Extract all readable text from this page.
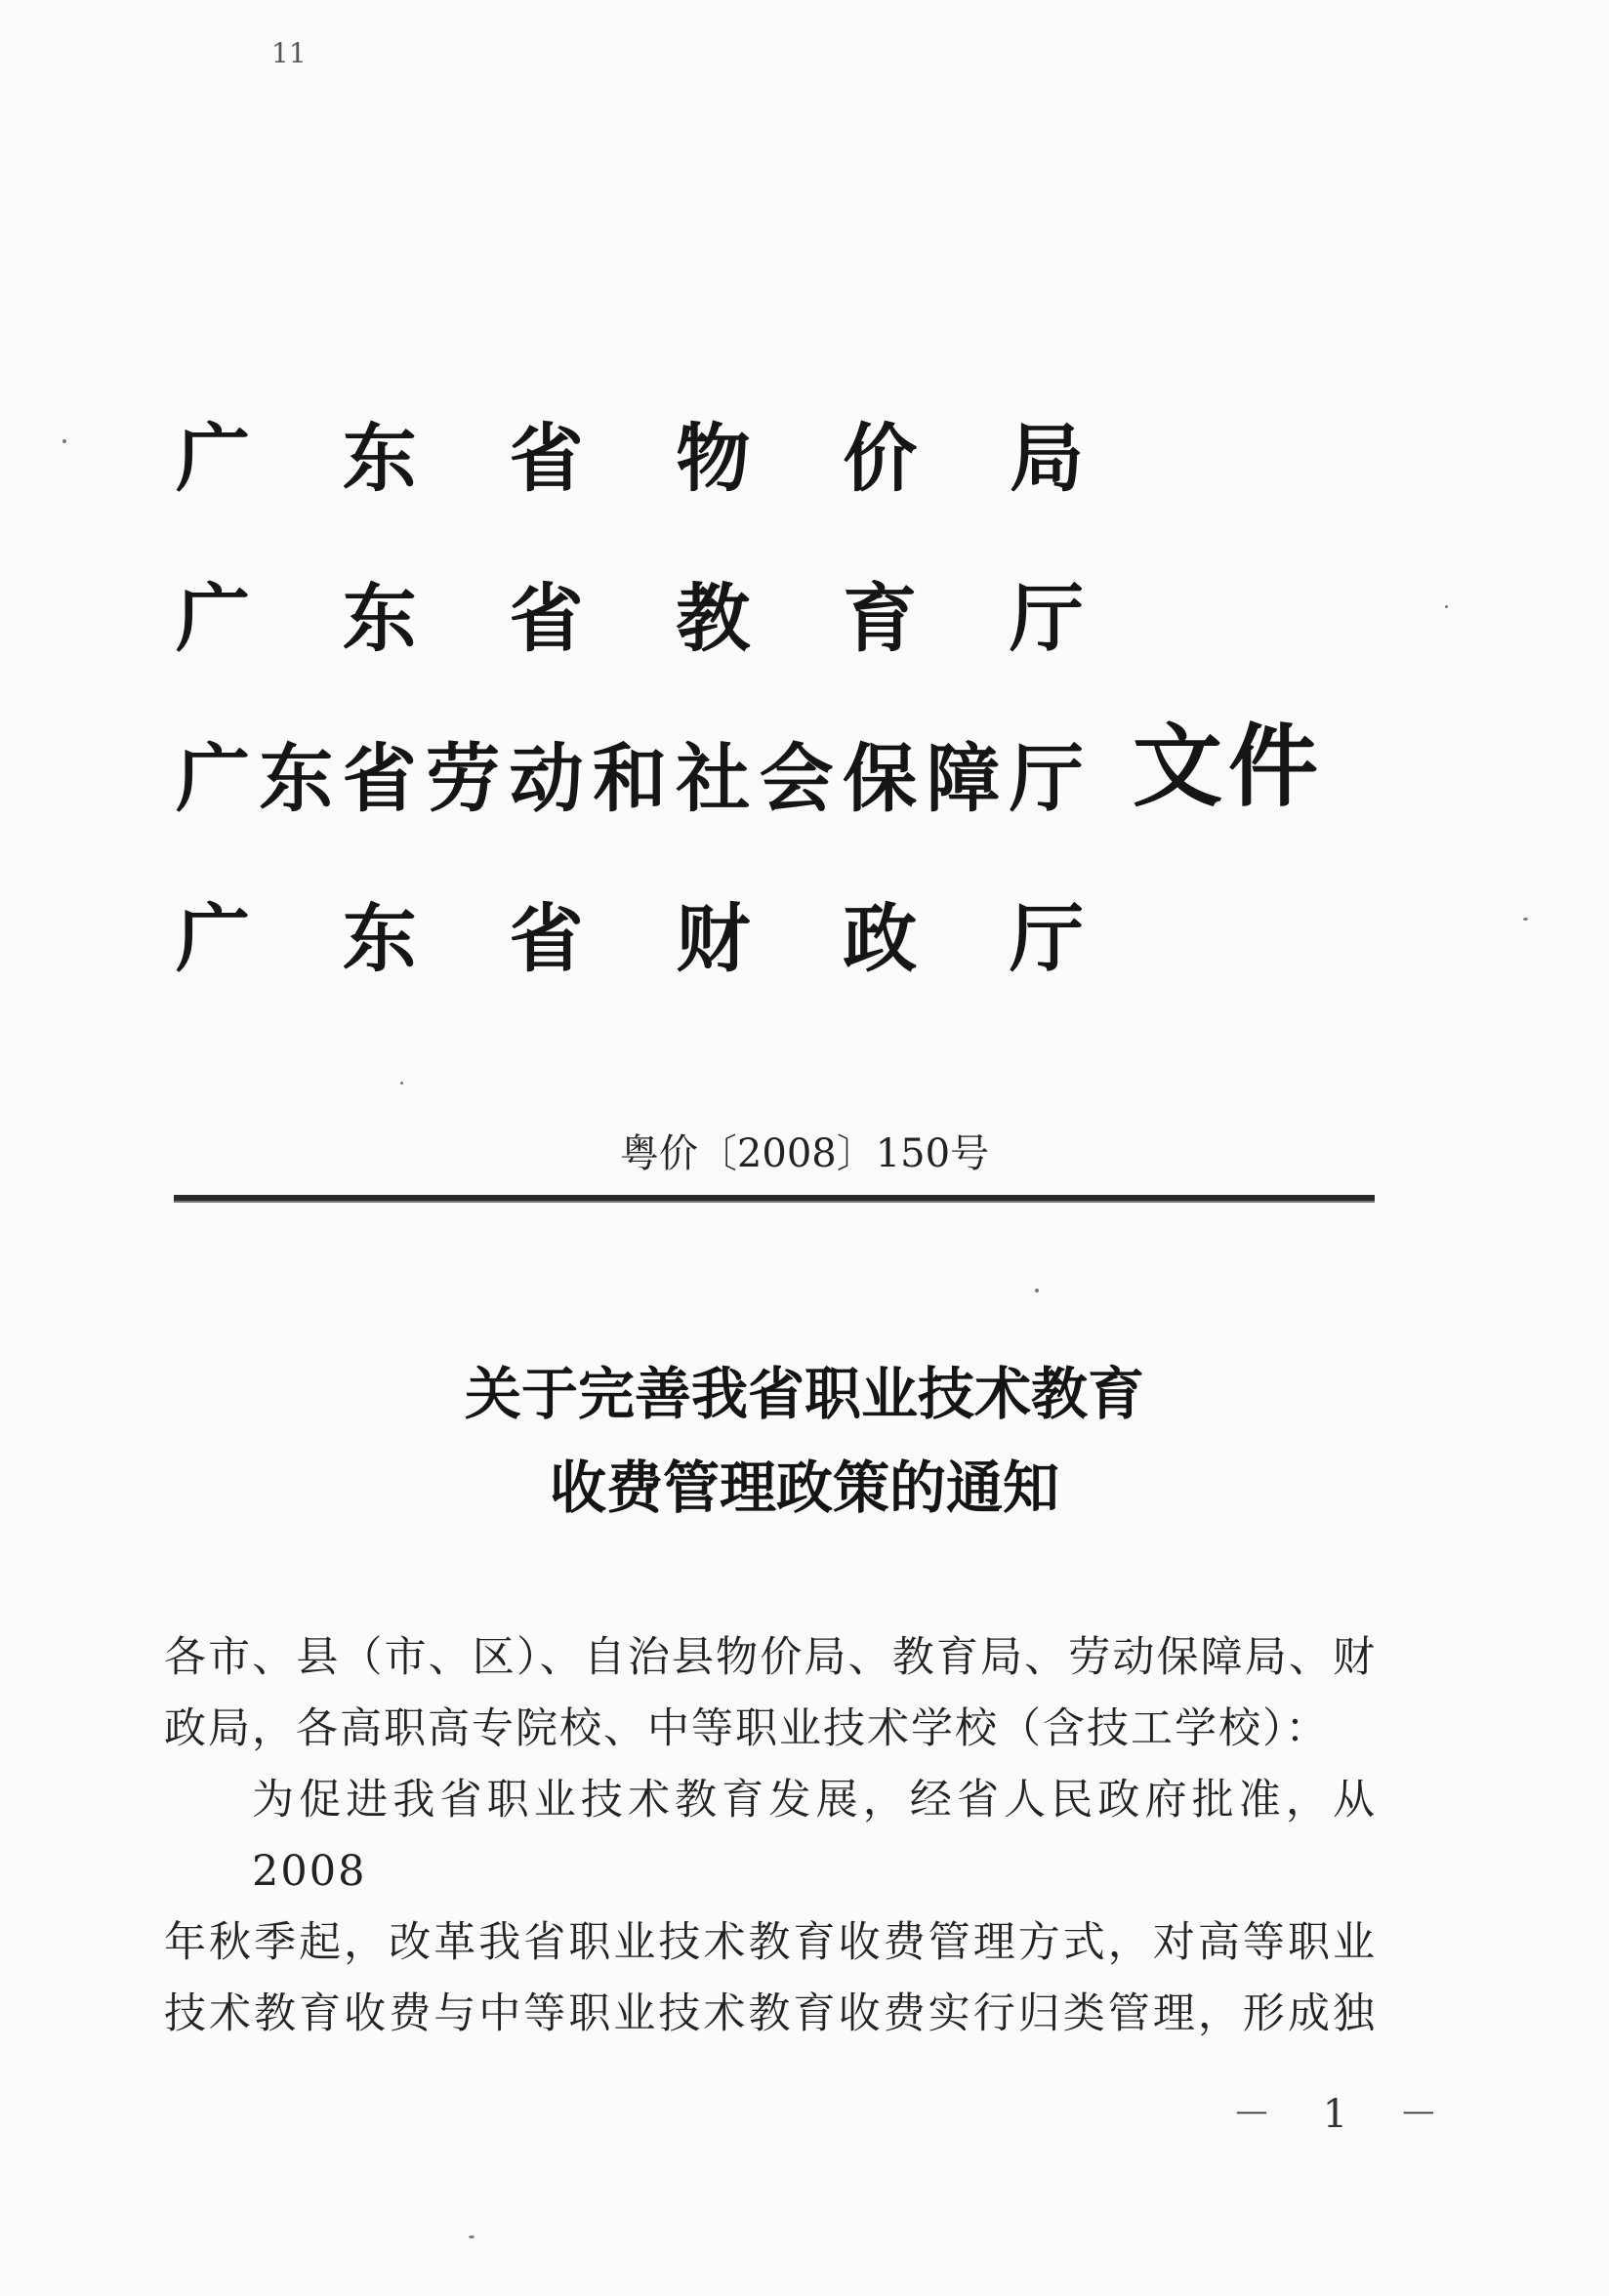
11
广 东 省 物 价 局
广 东 省 教 育 厅
广 东 省 劳 动 和 社 会 保 障 厅
广 东 省 财 政 厅
文件
粤价〔2008〕150号
关于完善我省职业技术教育
收费管理政策的通知

各市、县（市、区）、自治县物价局、教育局、劳动保障局、财

政局，各高职高专院校、中等职业技术学校（含技工学校）：

为促进我省职业技术教育发展，经省人民政府批准，从2008

年秋季起，改革我省职业技术教育收费管理方式，对高等职业

技术教育收费与中等职业技术教育收费实行归类管理，形成独

－ 1 －
